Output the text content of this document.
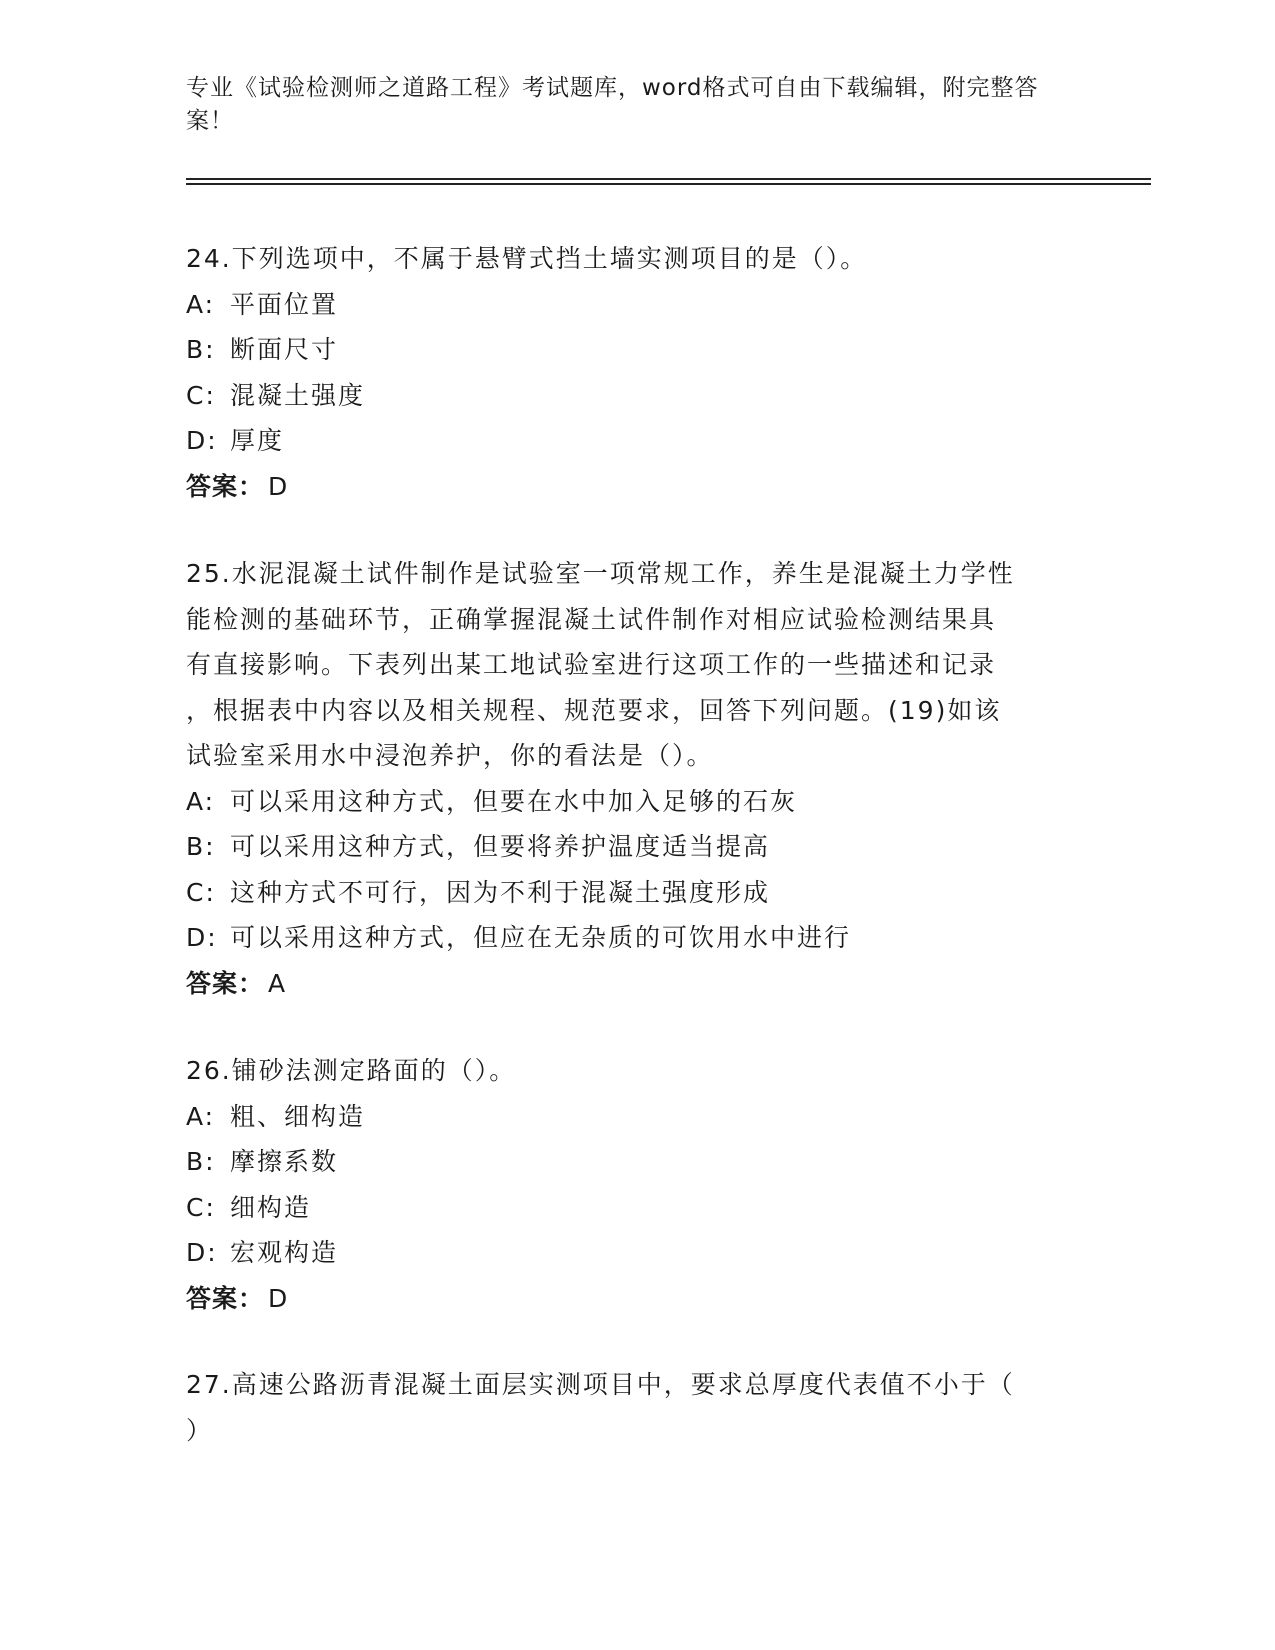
专业《试验检测师之道路工程》考试题库，word格式可自由下载编辑，附完整答
案！

24.下列选项中，不属于悬臂式挡土墙实测项目的是（）。

A: 平面位置

B: 断面尺寸

C: 混凝土强度

D: 厚度

答案： D

25.水泥混凝土试件制作是试验室一项常规工作，养生是混凝土力学性

能检测的基础环节，正确掌握混凝土试件制作对相应试验检测结果具

有直接影响。下表列出某工地试验室进行这项工作的一些描述和记录

，根据表中内容以及相关规程、规范要求，回答下列问题。(19)如该

试验室采用水中浸泡养护，你的看法是（）。

A: 可以采用这种方式，但要在水中加入足够的石灰

B: 可以采用这种方式，但要将养护温度适当提高

C: 这种方式不可行，因为不利于混凝土强度形成

D: 可以采用这种方式，但应在无杂质的可饮用水中进行

答案： A

26.铺砂法测定路面的（）。

A: 粗、细构造

B: 摩擦系数

C: 细构造

D: 宏观构造

答案： D

27.高速公路沥青混凝土面层实测项目中，要求总厚度代表值不小于（

）
